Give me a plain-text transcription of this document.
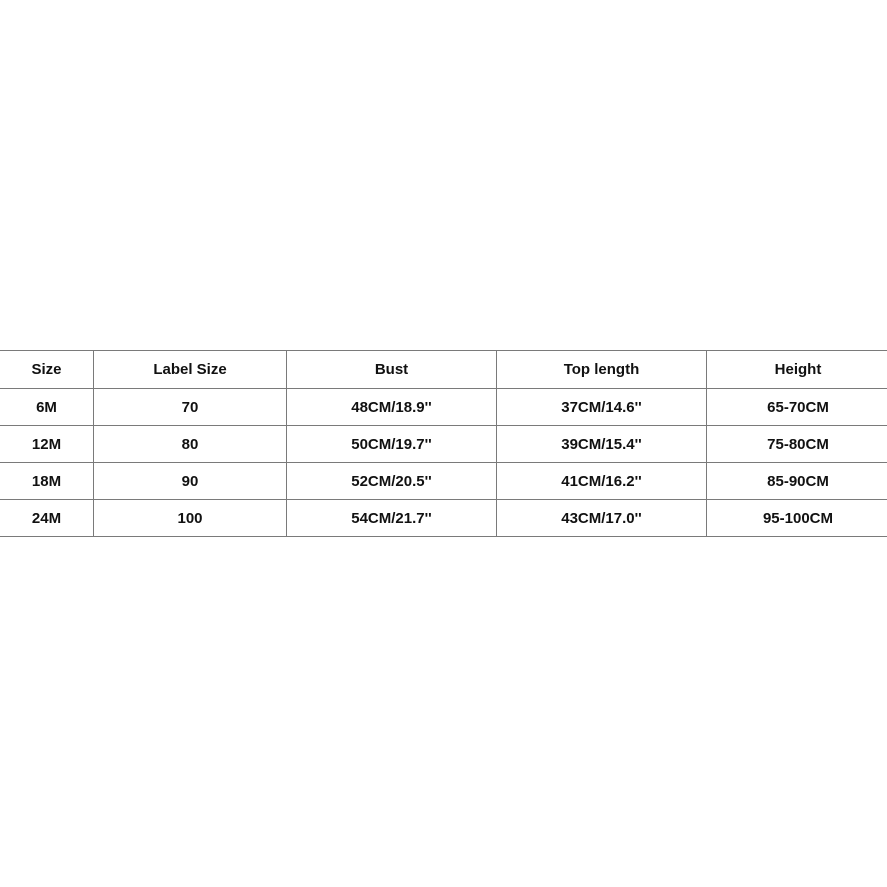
Size	Label Size	Bust	Top length	Height
6M	70	48CM/18.9''	37CM/14.6''	65-70CM
12M	80	50CM/19.7''	39CM/15.4''	75-80CM
18M	90	52CM/20.5''	41CM/16.2''	85-90CM
24M	100	54CM/21.7''	43CM/17.0''	95-100CM
